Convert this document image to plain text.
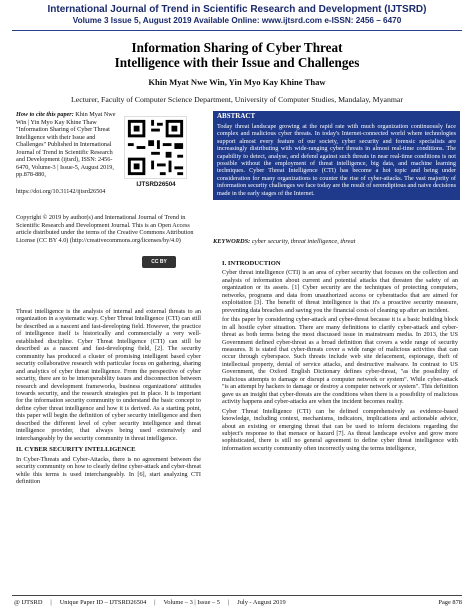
International Journal of Trend in Scientific Research and Development (IJTSRD)
Volume 3 Issue 5, August 2019 Available Online: www.ijtsrd.com e-ISSN: 2456 – 6470
Information Sharing of Cyber Threat
Intelligence with their Issue and Challenges
Khin Myat Nwe Win, Yin Myo Kay Khine Thaw
Lecturer, Faculty of Computer Science Department, University of Computer Studies, Mandalay, Myanmar
How to cite this paper: Khin Myat Nwe Win | Yin Myo Kay Khine Thaw "Information Sharing of Cyber Threat Intelligence with their Issue and Challenges" Published in International Journal of Trend in Scientific Research and Development (ijtsrd), ISSN: 2456-6470, Volume-3 | Issue-5, August 2019, pp.878-880,
IJTSRD26504
https://doi.org/10.31142/ijtsrd26504
Copyright © 2019 by author(s) and International Journal of Trend in Scientific Research and Development Journal. This is an Open Access article distributed under the terms of the Creative Commons Attribution License (CC BY 4.0) (http://creativecommons.org/licenses/by/4.0)
CC BY
ABSTRACT
Today threat landscape growing at the rapid rate with much organization continuously face complex and malicious cyber threats. In today's Internet-connected world where technologies support almost every feature of our society, cyber security and forensic specialists are increasingly distributing with wide-ranging cyber threats in almost real-time conditions. The capability to detect, analyse, and defend against such threats in near real-time conditions is not possible without the employment of threat intelligence, big data, and machine learning techniques. Cyber Threat Intelligence (CTI) has become a hot topic and being under consideration for many organizations to counter the rise of cyber-attacks. The vast majority of information security challenges we face today are the result of serendipitous and naive decisions made in the early stages of the Internet.
KEYWORDS: cyber security, threat intelligence, threat

Threat intelligence is the analysis of internal and external threats to an organization in a systematic way. Cyber Threat Intelligence (CTI) can still be described as a nascent and fast-developing field. However, the practice of intelligence itself is historically and commercially a very well-established discipline. Cyber Threat Intelligence (CTI) can still be described as a nascent and fast-developing field, [2]. The security community has produced a cluster of promising intelligent based cyber security collaborative research with particular focus on gathering, sharing and analytics of cyber threat intelligence. From the perspective of cyber security, there are to be interoperability issues and disconnection between research and development frameworks, business organizations' attitudes towards security, and the research strategies put in place. It is important for the information security community to understand the basic concept to define cyber threat intelligence and how it is derived. As a starting point, this paper will begin the definition of cyber security intelligence and then described the different level of cyber security intelligence and threat intelligence provider, that always being used extensively and interchangeably by the security community in threat intelligence.

II. CYBER SECURITY INTELLIGENCE

In Cyber-Threats and Cyber-Attacks, there is no agreement between the security community on how to clearly define cyber-attack and cyber-threat while this terms is used interchangeably. In [6], start analyzing CTI definition

I. INTRODUCTION

Cyber threat intelligence (CTI) is an area of cyber security that focuses on the collection and analysis of information about current and potential attacks that threaten the safety of an organization or its assets. [1] Cyber security are the techniques of protecting computers, networks, programs and data from unauthorized access or cyberattacks that are aimed for exploitation [3]. The benefit of threat intelligence is that it's a proactive security measure, preventing data breaches and saving you the financial costs of cleaning up after an incident.

for this paper by considering cyber-attack and cyber-threat because it is a basic building block in all hostile cyber situation. There are many definitions to clarify cyber-attack and cyber-threat as both terms being the most discussed issue in mainstream media. In 2013, the US Government defined cyber-threat as a broad definition that covers a wide range of security measures. It is stated that cyber-threats cover a wide range of malicious activities that can occur through cyberspace. Such threats include web site defacement, espionage, theft of intellectual property, denial of service attacks, and destructive malware. In contrast to US Government, the Oxford English Dictionary defines cyber-threat, "as the possibility of malicious attempts to damage or disrupt a computer network or system". While cyber-attack "is an attempt by hackers to damage or destroy a computer network or system". This definition gave us an insight that cyber-threats are the conditions when there is a possibility of malicious activity happens and cyber-attacks are when the incident becomes reality.

Cyber Threat Intelligence (CTI) can be defined comprehensively as evidence-based knowledge, including context, mechanisms, indicators, implications and actionable advice, about an existing or emerging threat that can be used to inform decisions regarding the subject's response to that menace or hazard [7]. As threat landscape evolve and grow more sophisticated, there is still no general agreement to define cyber threat intelligence with information security community often incorrectly using the terms intelligence,

@ IJTSRD     |     Unique Paper ID – IJTSRD26504     |     Volume – 3 | Issue – 5     |     July - August 2019	Page 878
